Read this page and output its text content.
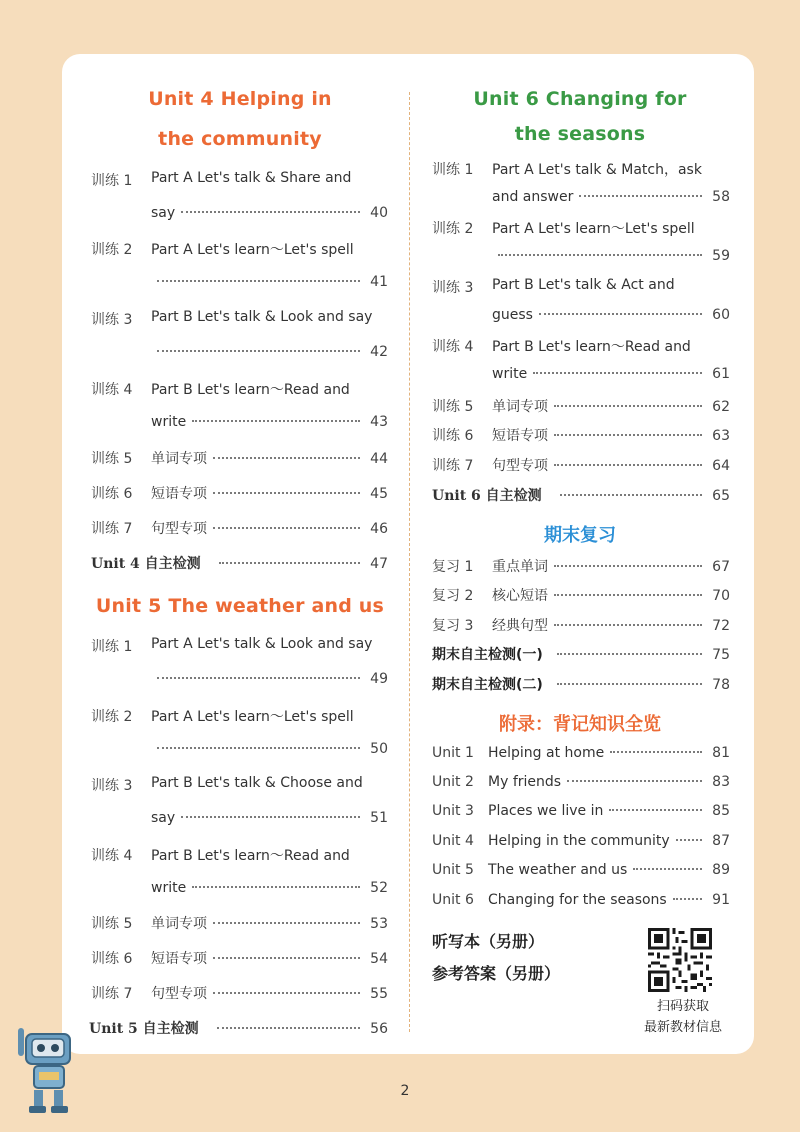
Unit 4 Helping in
the community
训练 1	Part A Let's talk & Share and
say	40
训练 2	Part A Let's learn～Let's spell
41
训练 3	Part B Let's talk & Look and say
42
训练 4	Part B Let's learn～Read and
write	43
训练 5	单词专项	44
训练 6	短语专项	45
训练 7	句型专项	46
Unit 4 自主检测	47
Unit 5 The weather and us
训练 1	Part A Let's talk & Look and say
49
训练 2	Part A Let's learn～Let's spell
50
训练 3	Part B Let's talk & Choose and
say	51
训练 4	Part B Let's learn～Read and
write	52
训练 5	单词专项	53
训练 6	短语专项	54
训练 7	句型专项	55
Unit 5 自主检测	56
Unit 6 Changing for
the seasons
训练 1	Part A Let's talk & Match，ask
and answer	58
训练 2	Part A Let's learn～Let's spell
59
训练 3	Part B Let's talk & Act and
guess	60
训练 4	Part B Let's learn～Read and
write	61
训练 5	单词专项	62
训练 6	短语专项	63
训练 7	句型专项	64
Unit 6 自主检测	65
期末复习
复习 1	重点单词	67
复习 2	核心短语	70
复习 3	经典句型	72
期末自主检测(一)	75
期末自主检测(二)	78
附录：背记知识全览
Unit 1	Helping at home	81
Unit 2	My friends	83
Unit 3	Places we live in	85
Unit 4	Helping in the community	87
Unit 5	The weather and us	89
Unit 6	Changing for the seasons	91
听写本（另册）
参考答案（另册）
扫码获取
最新教材信息
2
